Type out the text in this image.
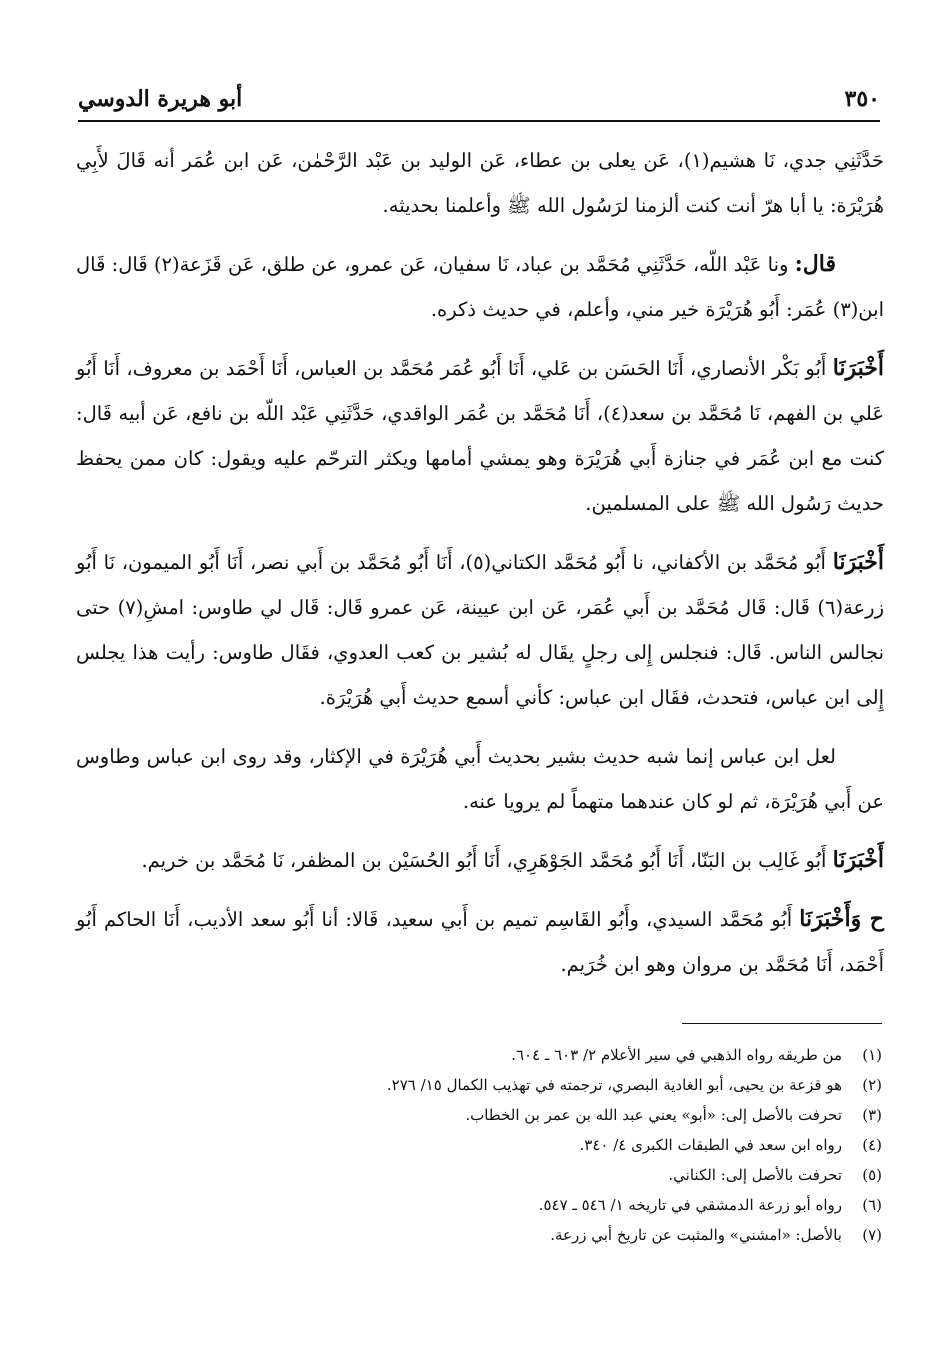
٣٥٠
أبو هريرة الدوسي

حَدَّثَنِي جدي، نَا هشيم(١)، عَن يعلى بن عطاء، عَن الوليد بن عَبْد الرَّحْمٰن، عَن ابن عُمَر أنه قَالَ لأَبِي هُرَيْرَة: يا أبا هرّ أنت كنت ألزمنا لرَسُول الله ﷺ وأعلمنا بحديثه.

قال: ونا عَبْد اللّه، حَدَّثَنِي مُحَمَّد بن عباد، نَا سفيان، عَن عمرو، عن طلق، عَن قَزَعة(٢) قَال: قَال ابن(٣) عُمَر: أَبُو هُرَيْرَة خير مني، وأعلم، في حديث ذكره.

أَخْبَرَنَا أَبُو بَكْر الأنصاري، أَنَا الحَسَن بن عَلي، أَنَا أَبُو عُمَر مُحَمَّد بن العباس، أَنَا أَحْمَد بن معروف، أَنَا أَبُو عَلي بن الفهم، نَا مُحَمَّد بن سعد(٤)، أَنَا مُحَمَّد بن عُمَر الواقدي، حَدَّثَنِي عَبْد اللّه بن نافع، عَن أبيه قَال: كنت مع ابن عُمَر في جنازة أَبي هُرَيْرَة وهو يمشي أمامها ويكثر الترحّم عليه ويقول: كان ممن يحفظ حديث رَسُول الله ﷺ على المسلمين.

أَخْبَرَنَا أَبُو مُحَمَّد بن الأكفاني، نا أَبُو مُحَمَّد الكتاني(٥)، أَنَا أَبُو مُحَمَّد بن أَبي نصر، أَنَا أَبُو الميمون، نَا أَبُو زرعة(٦) قَال: قَال مُحَمَّد بن أَبي عُمَر، عَن ابن عيينة، عَن عمرو قَال: قَال لي طاوس: امشِ(٧) حتى نجالس الناس. قَال: فنجلس إِلى رجلٍ يقَال له بُشير بن كعب العدوي، فقَال طاوس: رأيت هذا يجلس إِلى ابن عباس، فتحدث، فقَال ابن عباس: كأني أسمع حديث أَبي هُرَيْرَة.

لعل ابن عباس إنما شبه حديث بشير بحديث أَبي هُرَيْرَة في الإكثار، وقد روى ابن عباس وطاوس عن أَبي هُرَيْرَة، ثم لو كان عندهما متهماً لم يرويا عنه.

أَخْبَرَنَا أَبُو غَالِب بن البَنّا، أَنَا أَبُو مُحَمَّد الجَوْهَرِي، أَنَا أَبُو الحُسَيْن بن المظفر، نَا مُحَمَّد بن خريم.

ح وَأَخْبَرَنَا أَبُو مُحَمَّد السيدي، وأَبُو القَاسِم تميم بن أَبي سعيد، قَالا: أنا أَبُو سعد الأديب، أَنَا الحاكم أَبُو أَحْمَد، أَنَا مُحَمَّد بن مروان وهو ابن خُرَيم.

(١)
من طريقه رواه الذهبي في سير الأعلام ٢/ ٦٠٣ ـ ٦٠٤.
(٢)
هو قزعة بن يحيى، أبو الغادية البصري، ترجمته في تهذيب الكمال ١٥/ ٢٧٦.
(٣)
تحرفت بالأصل إلى: «أبو» يعني عبد الله بن عمر بن الخطاب.
(٤)
رواه ابن سعد في الطبقات الكبرى ٤/ ٣٤٠.
(٥)
تحرفت بالأصل إلى: الكناني.
(٦)
رواه أبو زرعة الدمشقي في تاريخه ١/ ٥٤٦ ـ ٥٤٧.
(٧)
بالأصل: «امشني» والمثبت عن تاريخ أبي زرعة.
